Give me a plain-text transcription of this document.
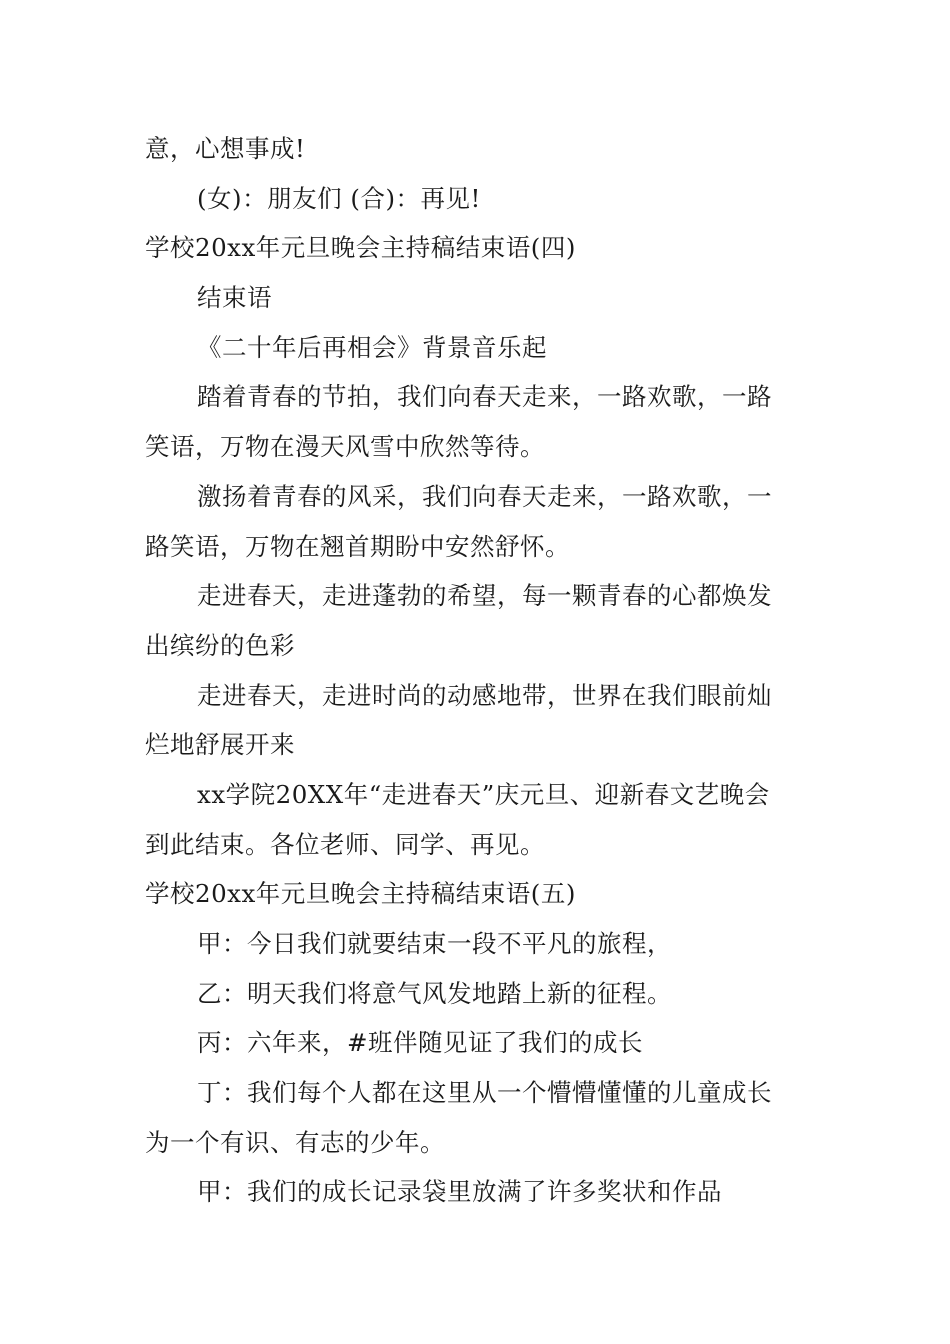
意，心想事成!
(女)：朋友们 (合)：再见!
学校20xx年元旦晚会主持稿结束语(四)
结束语
《二十年后再相会》背景音乐起
踏着青春的节拍，我们向春天走来，一路欢歌，一路
笑语，万物在漫天风雪中欣然等待。
激扬着青春的风采，我们向春天走来，一路欢歌，一
路笑语，万物在翘首期盼中安然舒怀。
走进春天，走进蓬勃的希望，每一颗青春的心都焕发
出缤纷的色彩
走进春天，走进时尚的动感地带，世界在我们眼前灿
烂地舒展开来
xx学院20XX年“走进春天”庆元旦、迎新春文艺晚会
到此结束。各位老师、同学、再见。
学校20xx年元旦晚会主持稿结束语(五)
甲：今日我们就要结束一段不平凡的旅程，
乙：明天我们将意气风发地踏上新的征程。
丙：六年来，#班伴随见证了我们的成长
丁：我们每个人都在这里从一个懵懵懂懂的儿童成长
为一个有识、有志的少年。
甲：我们的成长记录袋里放满了许多奖状和作品
